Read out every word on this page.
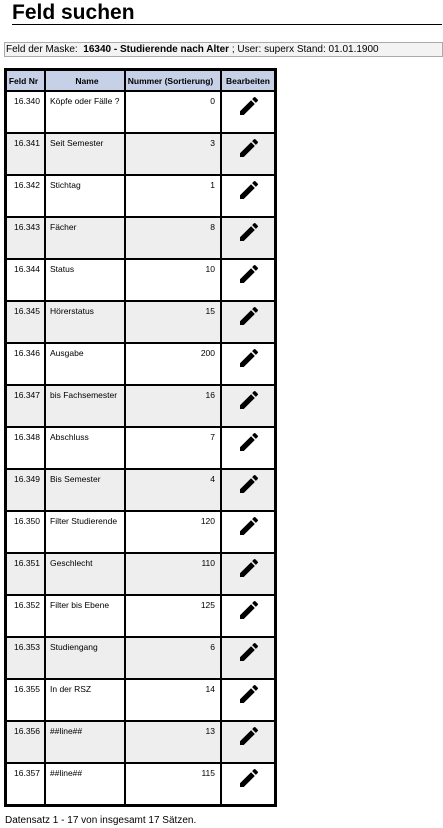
Feld suchen
Feld der Maske: 16340 - Studierende nach Alter ; User: superx Stand: 01.01.1900
Feld Nr	Name	Nummer (Sortierung)	Bearbeiten
16.340	Köpfe oder Fälle ?	0	
16.341	Seit Semester	3	
16.342	Stichtag	1	
16.343	Fächer	8	
16.344	Status	10	
16.345	Hörerstatus	15	
16.346	Ausgabe	200	
16.347	bis Fachsemester	16	
16.348	Abschluss	7	
16.349	Bis Semester	4	
16.350	Filter Studierende	120	
16.351	Geschlecht	110	
16.352	Filter bis Ebene	125	
16.353	Studiengang	6	
16.355	In der RSZ	14	
16.356	##line##	13	
16.357	##line##	115	
Datensatz 1 - 17 von insgesamt 17 Sätzen.
